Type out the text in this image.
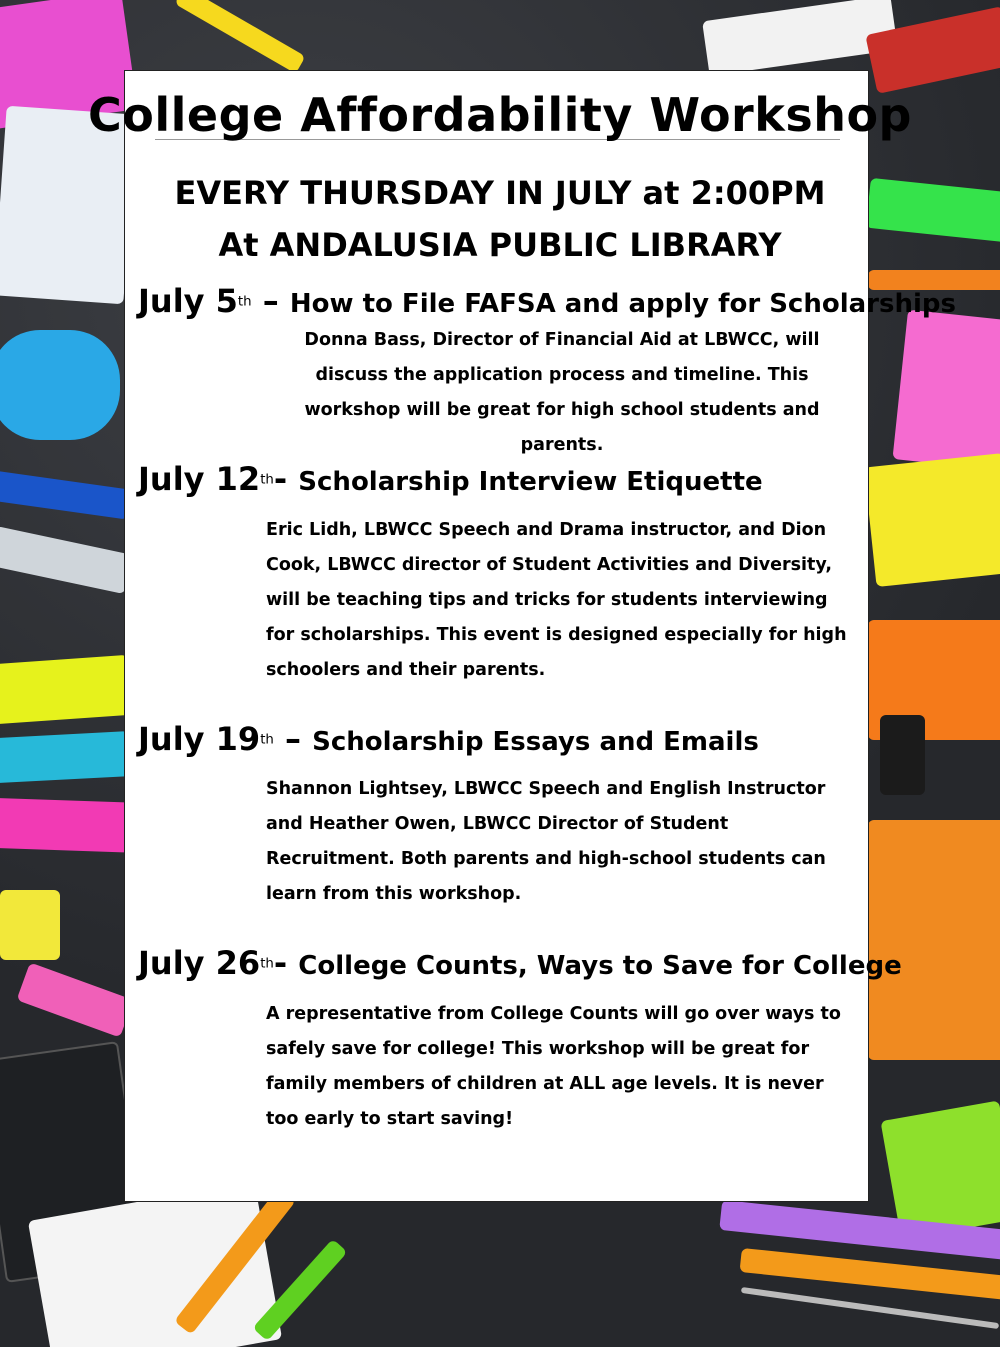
College Affordability Workshop
EVERY THURSDAY IN JULY at 2:00PM
At ANDALUSIA PUBLIC LIBRARY
July 5th – How to File FAFSA and apply for Scholarships
Donna Bass, Director of Financial Aid at LBWCC, will discuss the application process and timeline. This workshop will be great for high school students and parents.
July 12th- Scholarship Interview Etiquette
Eric Lidh, LBWCC Speech and Drama instructor, and Dion Cook, LBWCC director of Student Activities and Diversity, will be teaching tips and tricks for students interviewing for scholarships. This event is designed especially for high schoolers and their parents.
July 19th – Scholarship Essays and Emails
Shannon Lightsey, LBWCC Speech and English Instructor and Heather Owen, LBWCC Director of Student Recruitment. Both parents and high-school students can learn from this workshop.
July 26th- College Counts, Ways to Save for College
A representative from College Counts will go over ways to safely save for college! This workshop will be great for family members of children at ALL age levels. It is never too early to start saving!
